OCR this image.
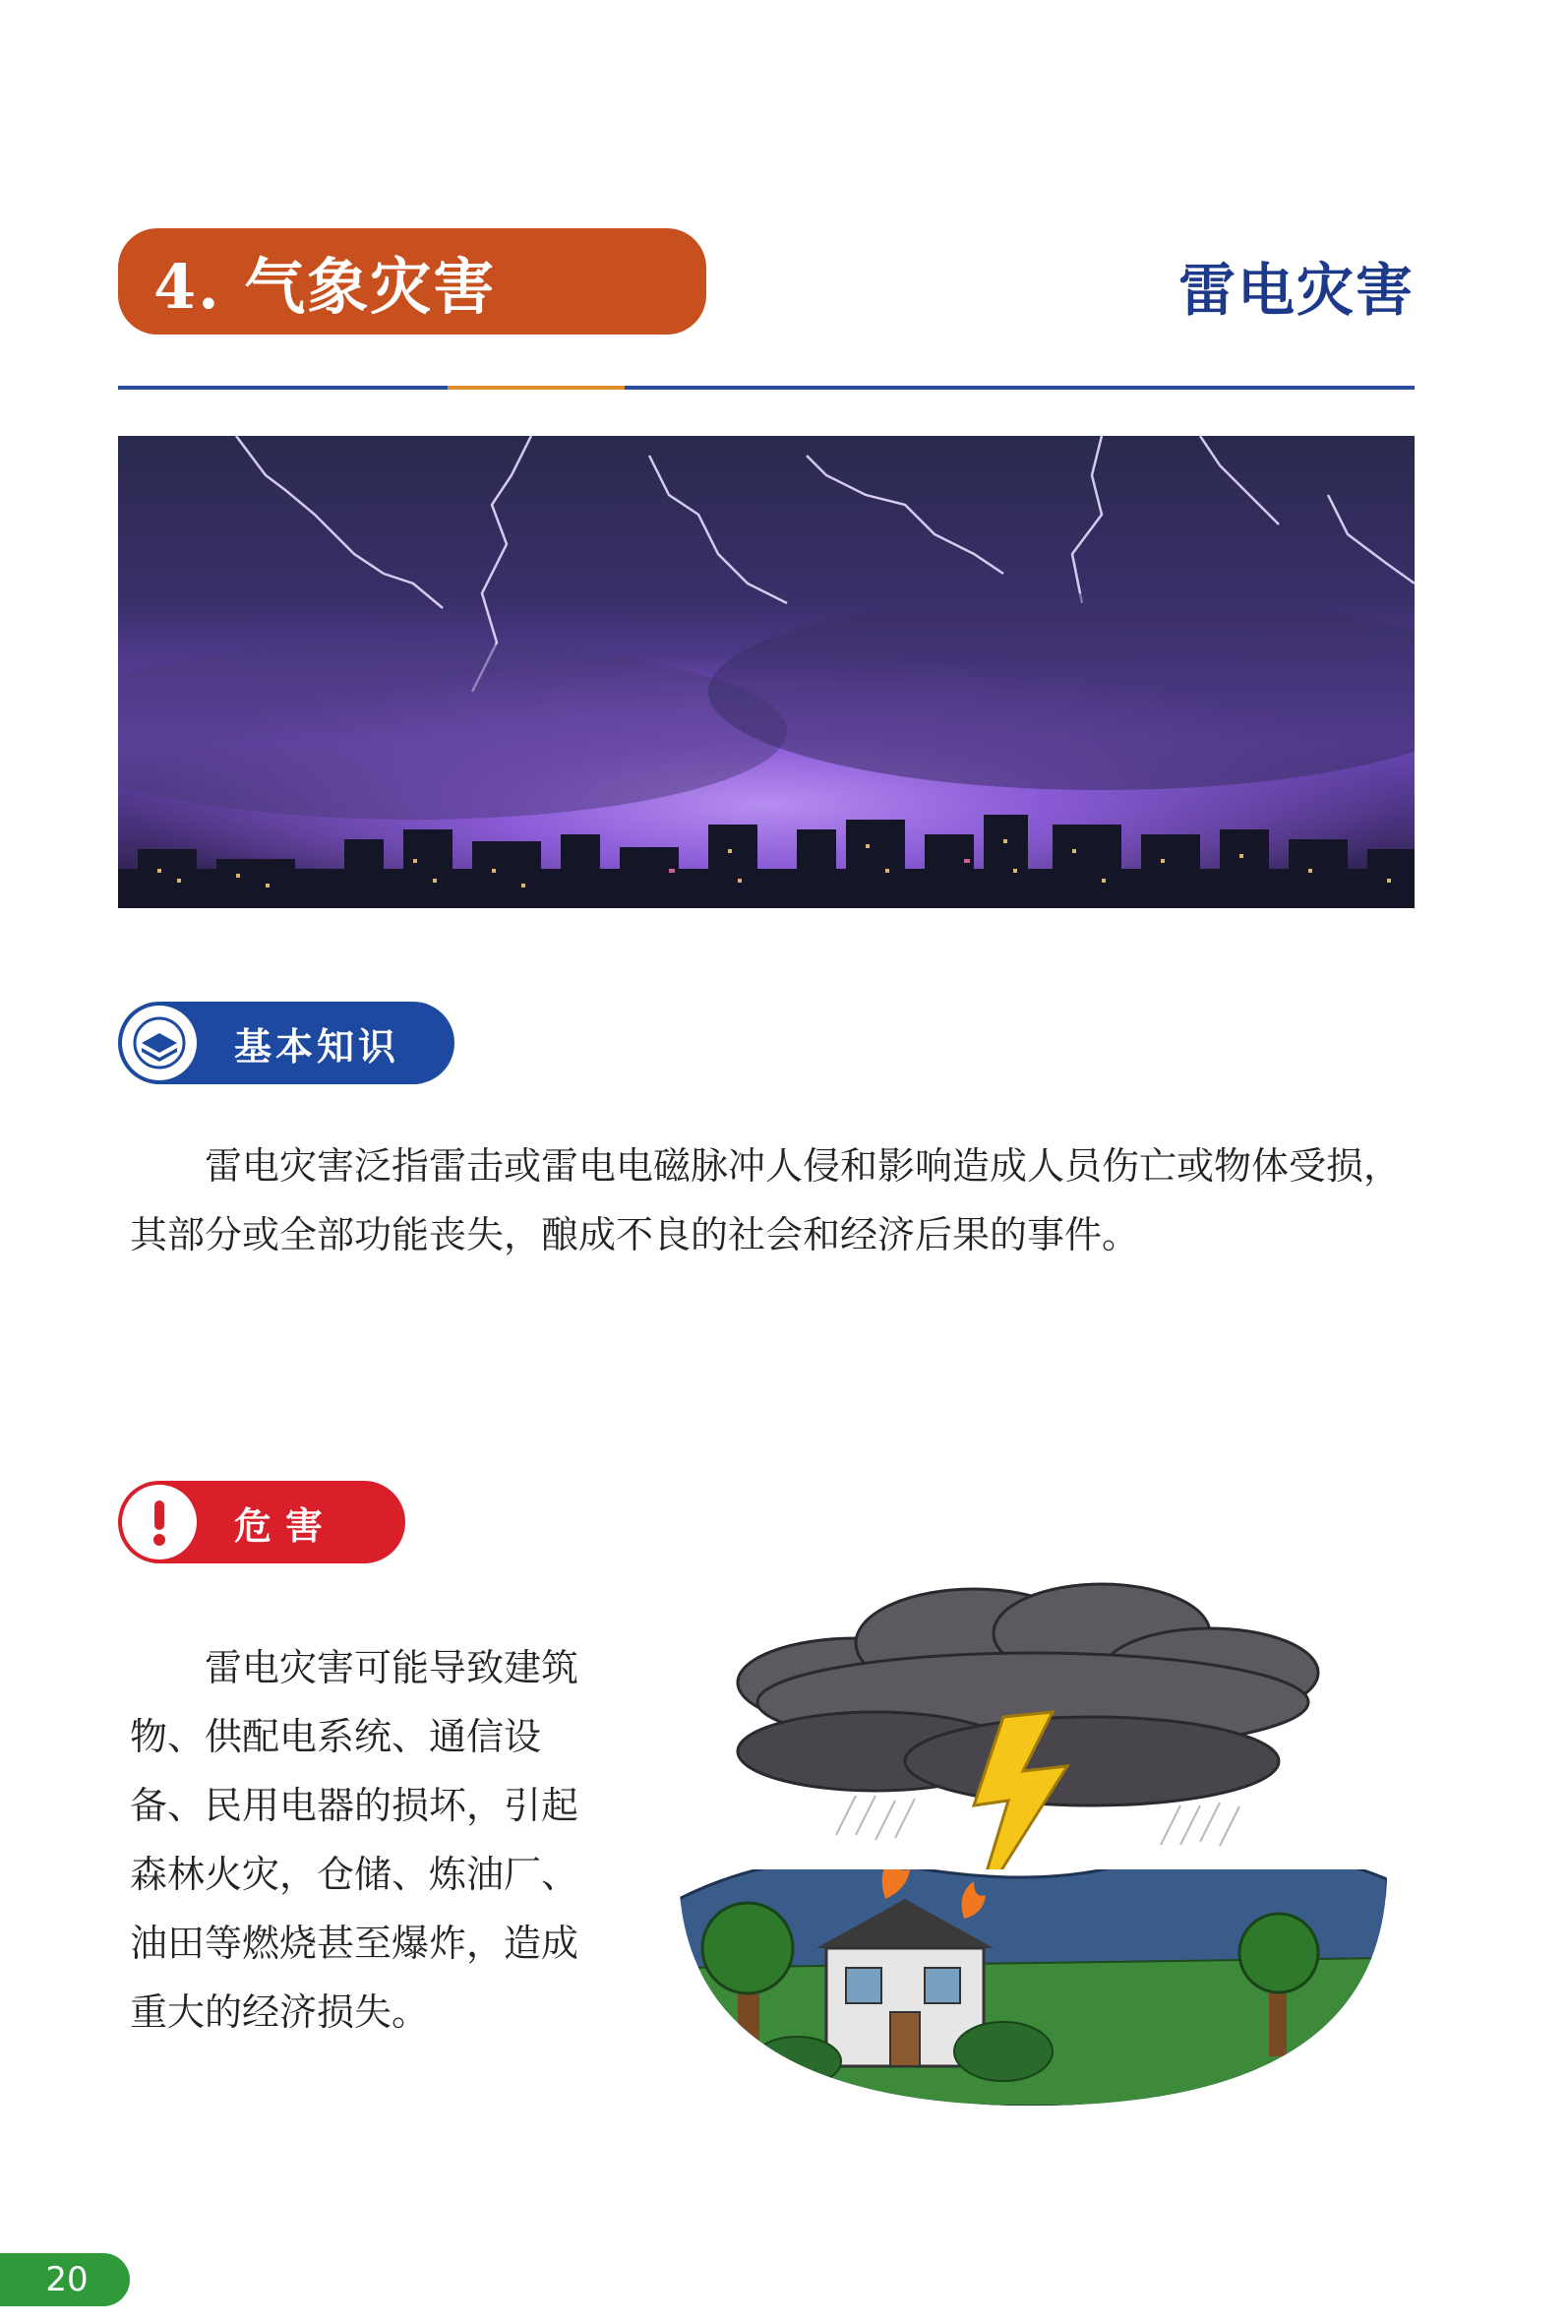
4. 气象灾害	雷电灾害
基本知识

雷电灾害泛指雷击或雷电电磁脉冲人侵和影响造成人员伤亡或物体受损，其部分或全部功能丧失，酿成不良的社会和经济后果的事件。

危害

雷电灾害可能导致建筑物、供配电系统、通信设备、民用电器的损坏，引起森林火灾，仓储、炼油厂、油田等燃烧甚至爆炸，造成重大的经济损失。

20
